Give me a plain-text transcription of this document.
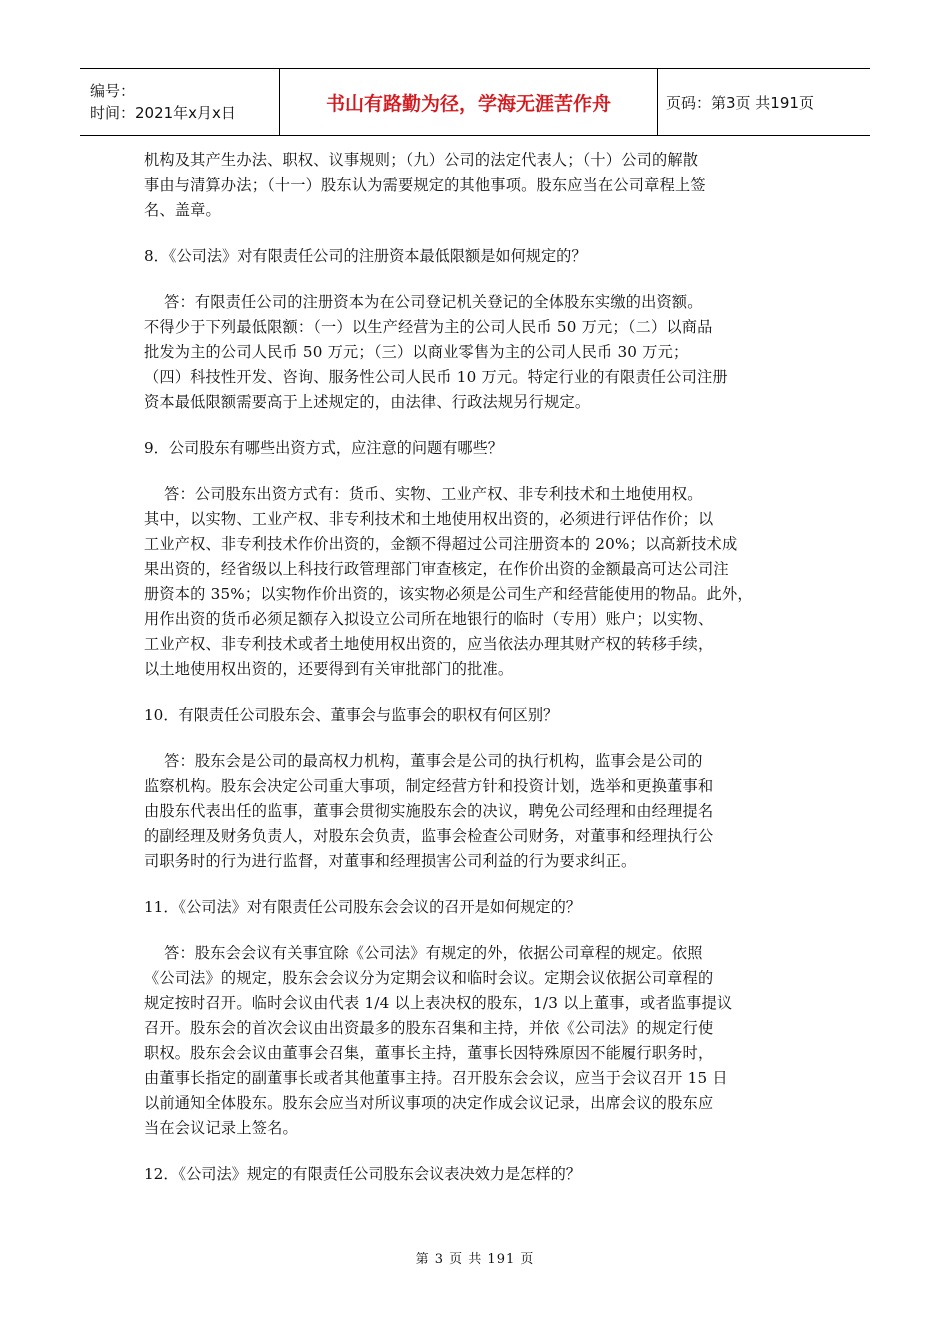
编号：
时间：2021年x月x日	书山有路勤为径，学海无涯苦作舟	页码：第3页 共191页
机构及其产生办法、职权、议事规则；（九）公司的法定代表人；（十）公司的解散
事由与清算办法；（十一）股东认为需要规定的其他事项。股东应当在公司章程上签
名、盖章。
8．《公司法》对有限责任公司的注册资本最低限额是如何规定的？
答：有限责任公司的注册资本为在公司登记机关登记的全体股东实缴的出资额。
不得少于下列最低限额：（一）以生产经营为主的公司人民币 50 万元；（二）以商品
批发为主的公司人民币 50 万元；（三）以商业零售为主的公司人民币 30 万元；
（四）科技性开发、咨询、服务性公司人民币 10 万元。特定行业的有限责任公司注册
资本最低限额需要高于上述规定的，由法律、行政法规另行规定。
9．公司股东有哪些出资方式，应注意的问题有哪些？
答：公司股东出资方式有：货币、实物、工业产权、非专利技术和土地使用权。
其中，以实物、工业产权、非专利技术和土地使用权出资的，必须进行评估作价；以
工业产权、非专利技术作价出资的，金额不得超过公司注册资本的 20%；以高新技术成
果出资的，经省级以上科技行政管理部门审查核定，在作价出资的金额最高可达公司注
册资本的 35%；以实物作价出资的，该实物必须是公司生产和经营能使用的物品。此外，
用作出资的货币必须足额存入拟设立公司所在地银行的临时（专用）账户；以实物、
工业产权、非专利技术或者土地使用权出资的，应当依法办理其财产权的转移手续，
以土地使用权出资的，还要得到有关审批部门的批准。
10．有限责任公司股东会、董事会与监事会的职权有何区别？
答：股东会是公司的最高权力机构，董事会是公司的执行机构，监事会是公司的
监察机构。股东会决定公司重大事项，制定经营方针和投资计划，选举和更换董事和
由股东代表出任的监事，董事会贯彻实施股东会的决议，聘免公司经理和由经理提名
的副经理及财务负责人，对股东会负责，监事会检查公司财务，对董事和经理执行公
司职务时的行为进行监督，对董事和经理损害公司利益的行为要求纠正。
11．《公司法》对有限责任公司股东会会议的召开是如何规定的？
答：股东会会议有关事宜除《公司法》有规定的外，依据公司章程的规定。依照
《公司法》的规定，股东会会议分为定期会议和临时会议。定期会议依据公司章程的
规定按时召开。临时会议由代表 1/4 以上表决权的股东，1/3 以上董事，或者监事提议
召开。股东会的首次会议由出资最多的股东召集和主持，并依《公司法》的规定行使
职权。股东会会议由董事会召集，董事长主持，董事长因特殊原因不能履行职务时，
由董事长指定的副董事长或者其他董事主持。召开股东会会议，应当于会议召开 15 日
以前通知全体股东。股东会应当对所议事项的决定作成会议记录，出席会议的股东应
当在会议记录上签名。
12．《公司法》规定的有限责任公司股东会议表决效力是怎样的？
第 3 页 共 191 页
